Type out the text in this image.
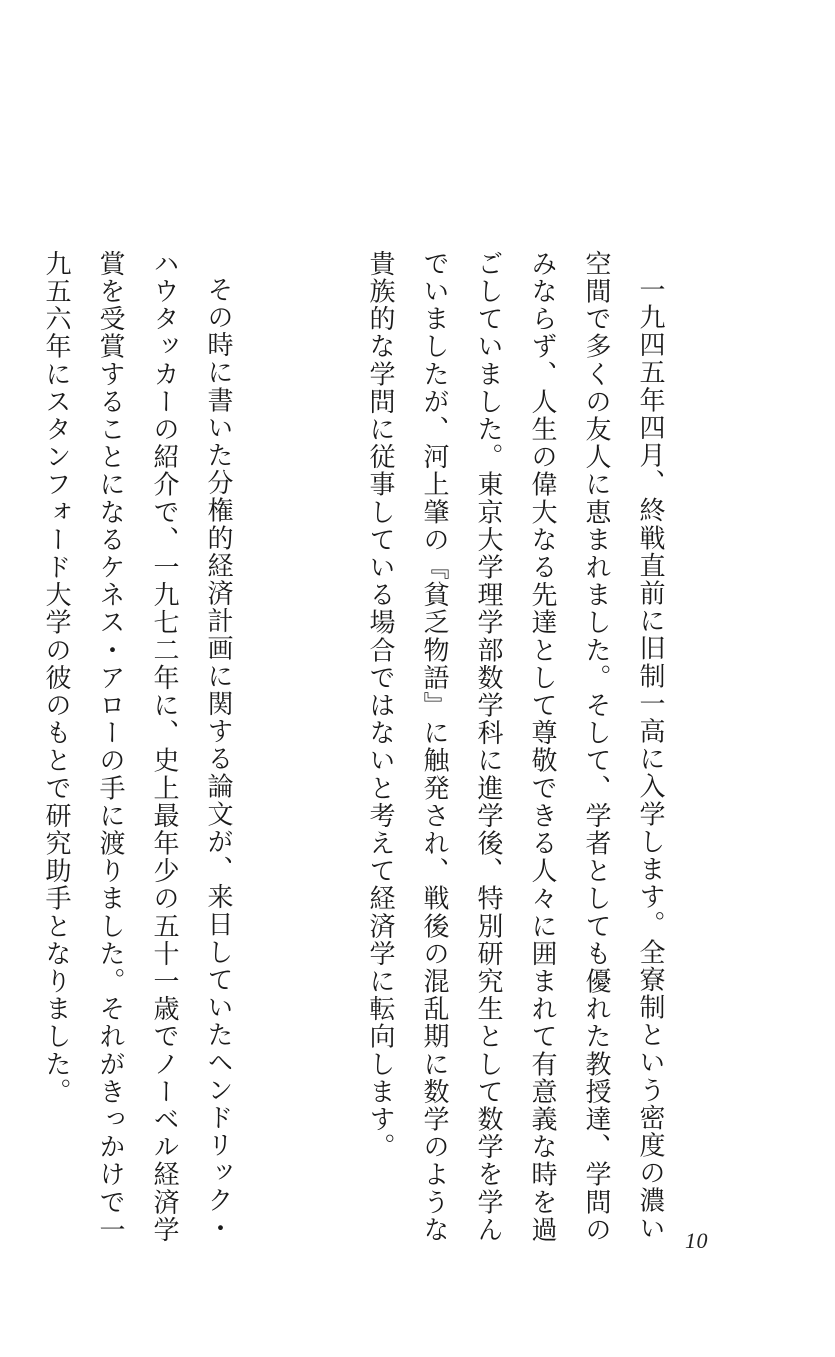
一九四五年四月、終戦直前に旧制一高に入学します。全寮制という密度の濃い空間で多くの友人に恵まれました。そして、学者としても優れた教授達、学問のみならず、人生の偉大なる先達として尊敬できる人々に囲まれて有意義な時を過ごしていました。東京大学理学部数学科に進学後、特別研究生として数学を学んでいましたが、河上肇の『貧乏物語』に触発され、戦後の混乱期に数学のような貴族的な学問に従事している場合ではないと考えて経済学に転向します。

その時に書いた分権的経済計画に関する論文が、来日していたヘンドリック・ハウタッカーの紹介で、一九七二年に、史上最年少の五十一歳でノーベル経済学賞を受賞することになるケネス・アローの手に渡りました。それがきっかけで一九五六年にスタンフォード大学の彼のもとで研究助手となりました。

10
